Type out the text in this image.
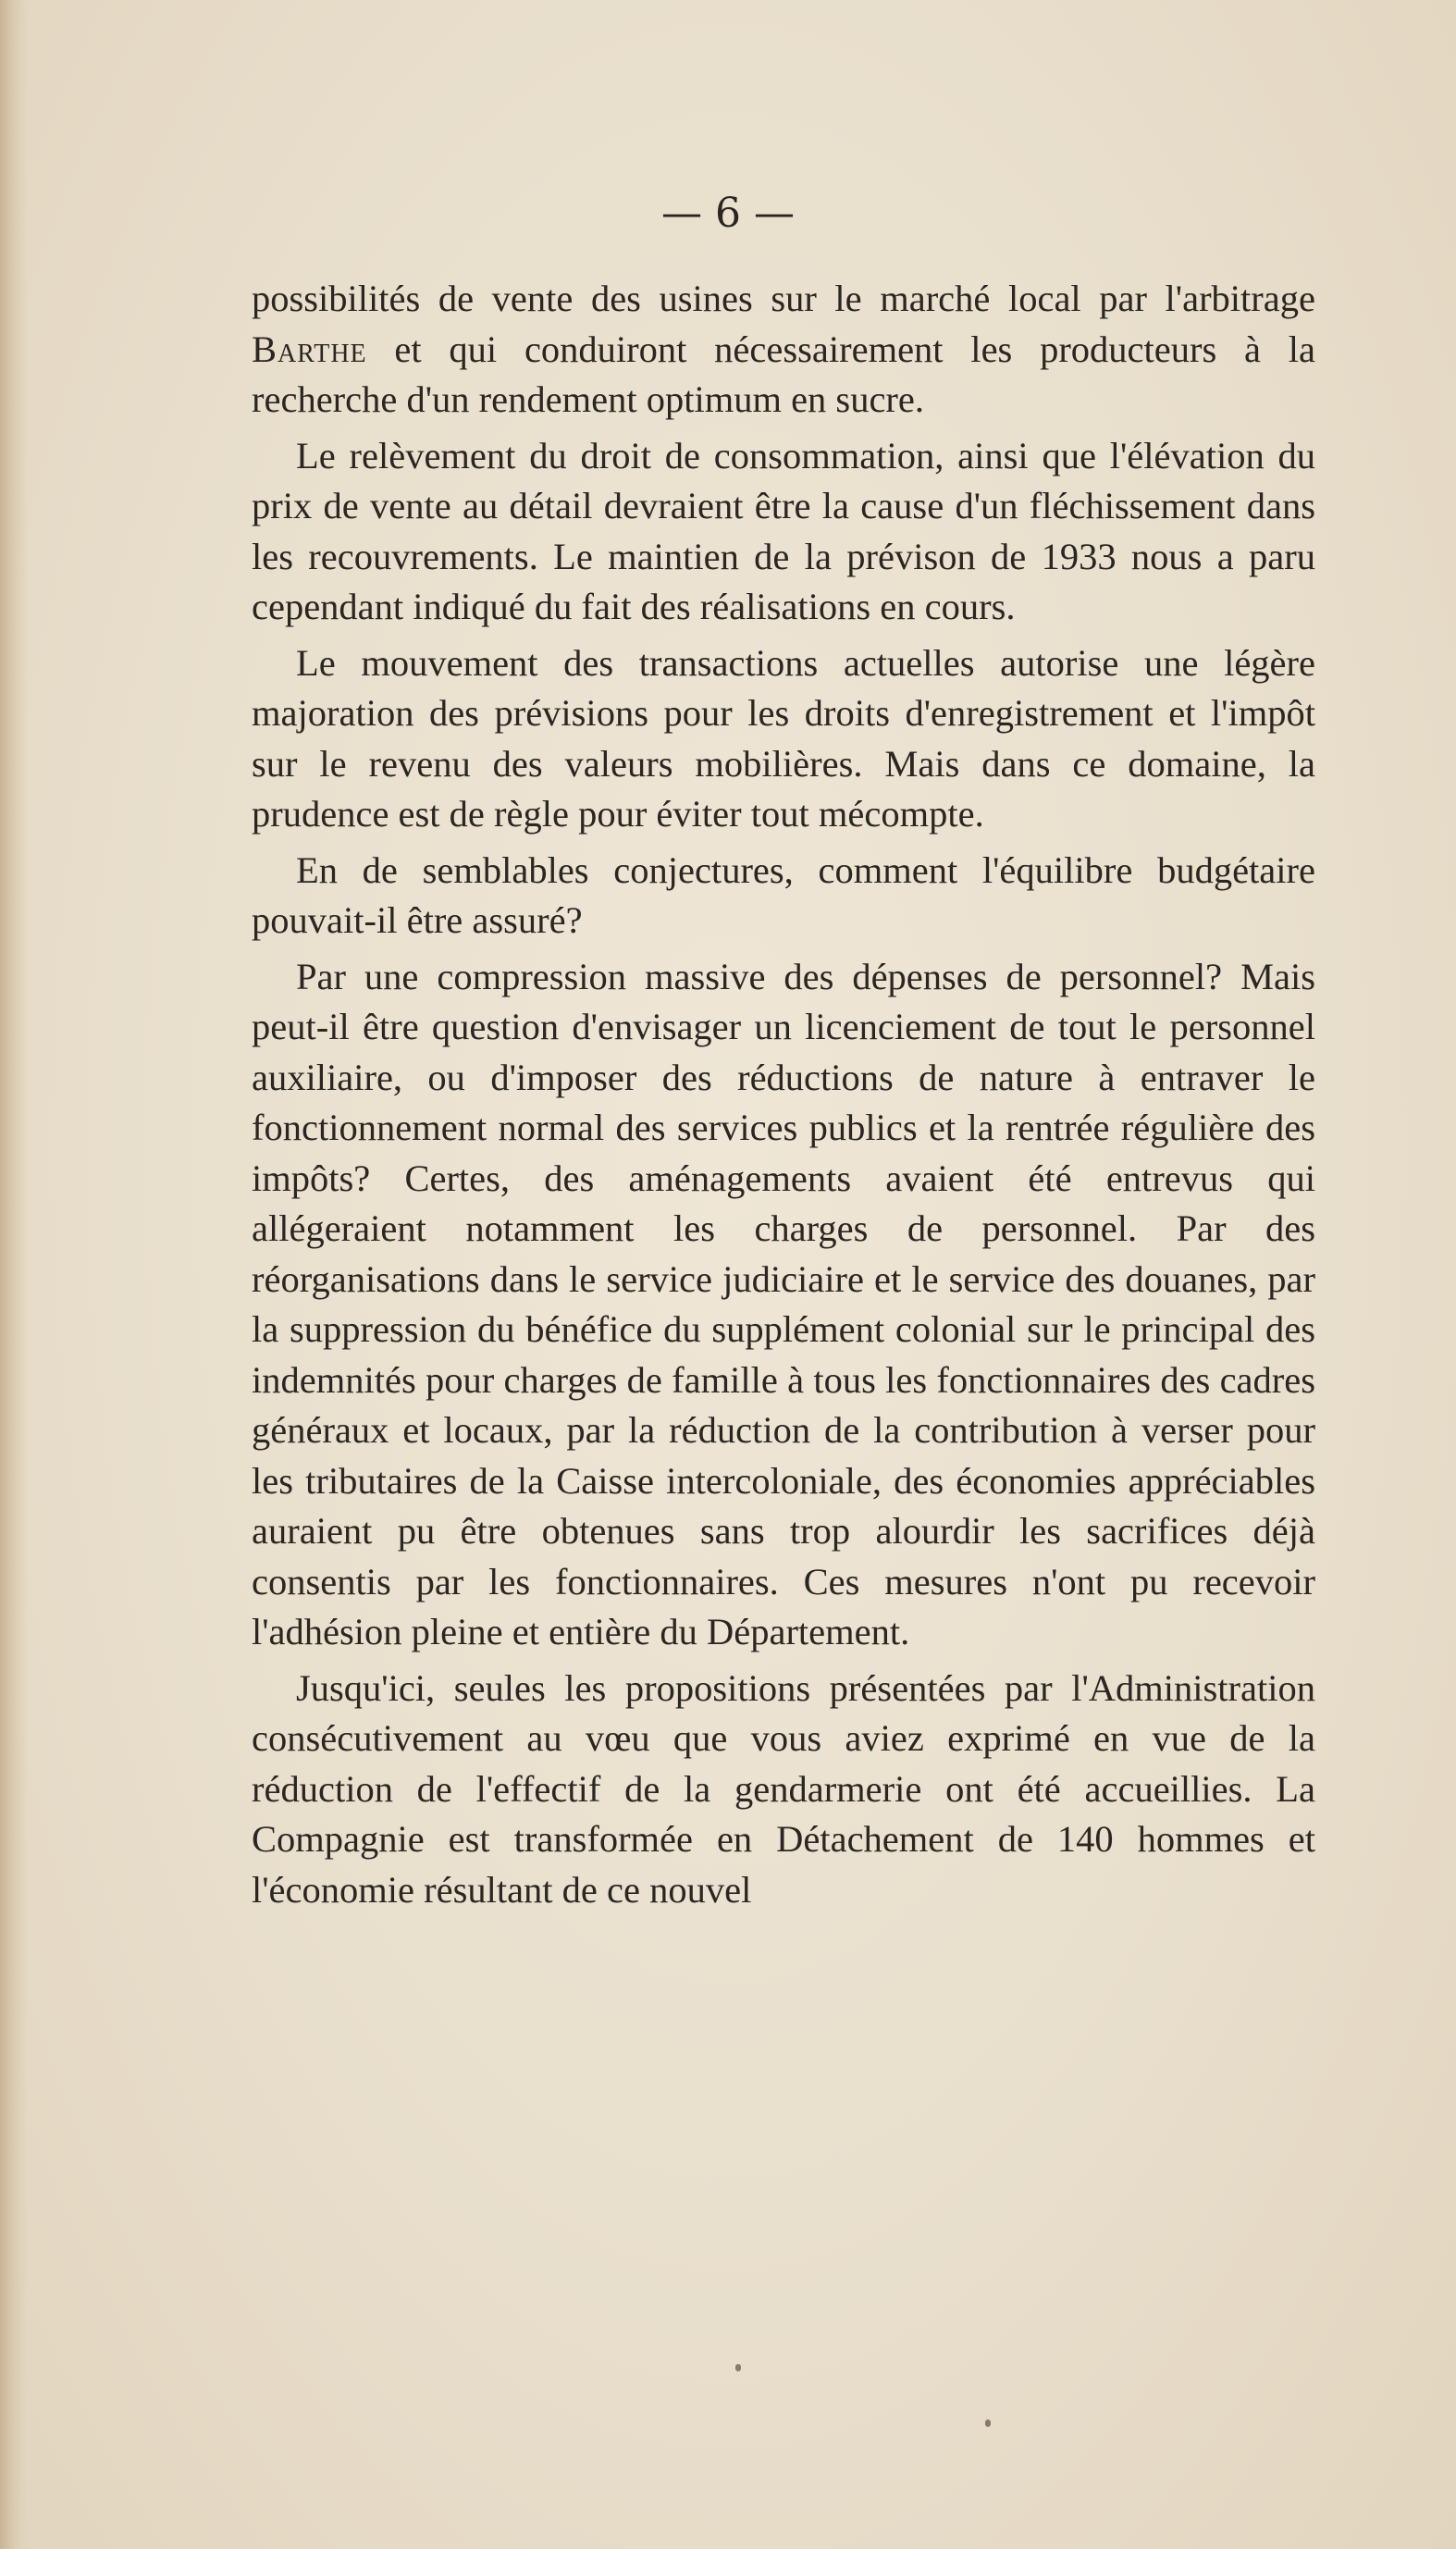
— 6 —

possibilités de vente des usines sur le marché local par l'arbitrage Barthe et qui conduiront nécessairement les producteurs à la recherche d'un rendement optimum en sucre.

Le relèvement du droit de consommation, ainsi que l'élévation du prix de vente au détail devraient être la cause d'un fléchissement dans les recouvrements. Le maintien de la prévison de 1933 nous a paru cependant indiqué du fait des réalisations en cours.

Le mouvement des transactions actuelles autorise une légère majoration des prévisions pour les droits d'enregistrement et l'impôt sur le revenu des valeurs mobilières. Mais dans ce domaine, la prudence est de règle pour éviter tout mécompte.

En de semblables conjectures, comment l'équilibre budgétaire pouvait-il être assuré?

Par une compression massive des dépenses de personnel? Mais peut-il être question d'envisager un licenciement de tout le personnel auxiliaire, ou d'imposer des réductions de nature à entraver le fonctionnement normal des services publics et la rentrée régulière des impôts? Certes, des aménagements avaient été entrevus qui allégeraient notamment les charges de personnel. Par des réorganisations dans le service judiciaire et le service des douanes, par la suppression du bénéfice du supplément colonial sur le principal des indemnités pour charges de famille à tous les fonctionnaires des cadres généraux et locaux, par la réduction de la contribution à verser pour les tributaires de la Caisse intercoloniale, des économies appréciables auraient pu être obtenues sans trop alourdir les sacrifices déjà consentis par les fonctionnaires. Ces mesures n'ont pu recevoir l'adhésion pleine et entière du Département.

Jusqu'ici, seules les propositions présentées par l'Administration consécutivement au vœu que vous aviez exprimé en vue de la réduction de l'effectif de la gendarmerie ont été accueillies. La Compagnie est transformée en Détachement de 140 hommes et l'économie résultant de ce nouvel
